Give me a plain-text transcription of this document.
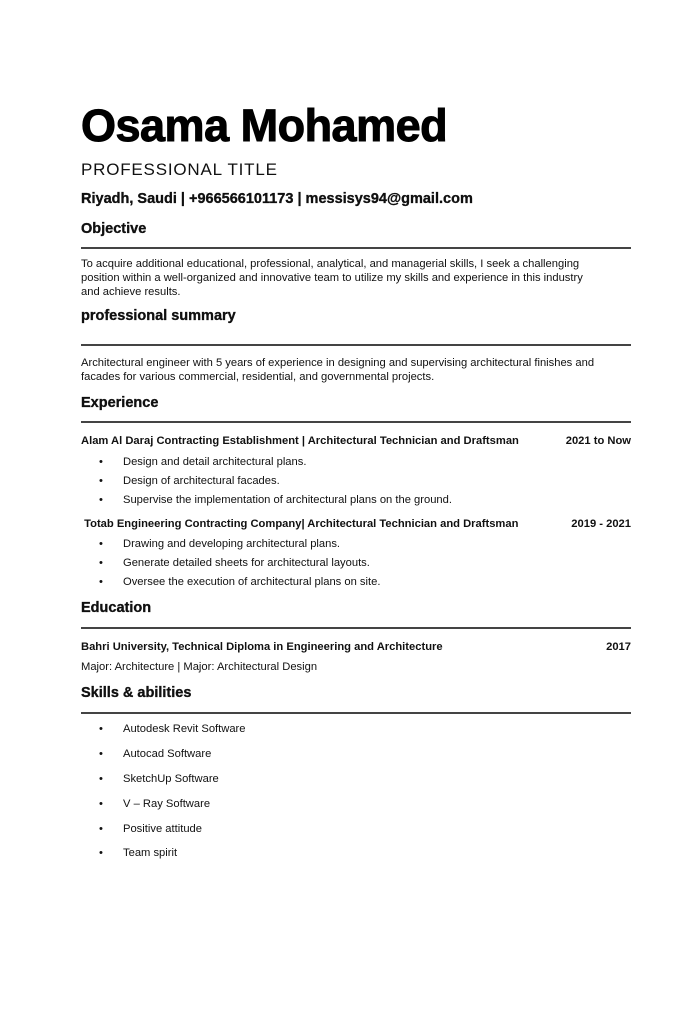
Osama Mohamed
PROFESSIONAL TITLE
Riyadh, Saudi | +966566101173 | messisys94@gmail.com
Objective
To acquire additional educational, professional, analytical, and managerial skills, I seek a challenging
position within a well-organized and innovative team to utilize my skills and experience in this industry
and achieve results.
professional summary
Architectural engineer with 5 years of experience in designing and supervising architectural finishes and
facades for various commercial, residential, and governmental projects.
Experience
Alam Al Daraj Contracting Establishment | Architectural Technician and Draftsman	2021 to Now
• Design and detail architectural plans.
• Design of architectural facades.
• Supervise the implementation of architectural plans on the ground.
Totab Engineering Contracting Company| Architectural Technician and Draftsman	2019 - 2021
• Drawing and developing architectural plans.
• Generate detailed sheets for architectural layouts.
• Oversee the execution of architectural plans on site.
Education
Bahri University, Technical Diploma in Engineering and Architecture	2017
Major: Architecture | Major: Architectural Design
Skills & abilities
• Autodesk Revit Software
• Autocad Software
• SketchUp Software
• V – Ray Software
• Positive attitude
• Team spirit
